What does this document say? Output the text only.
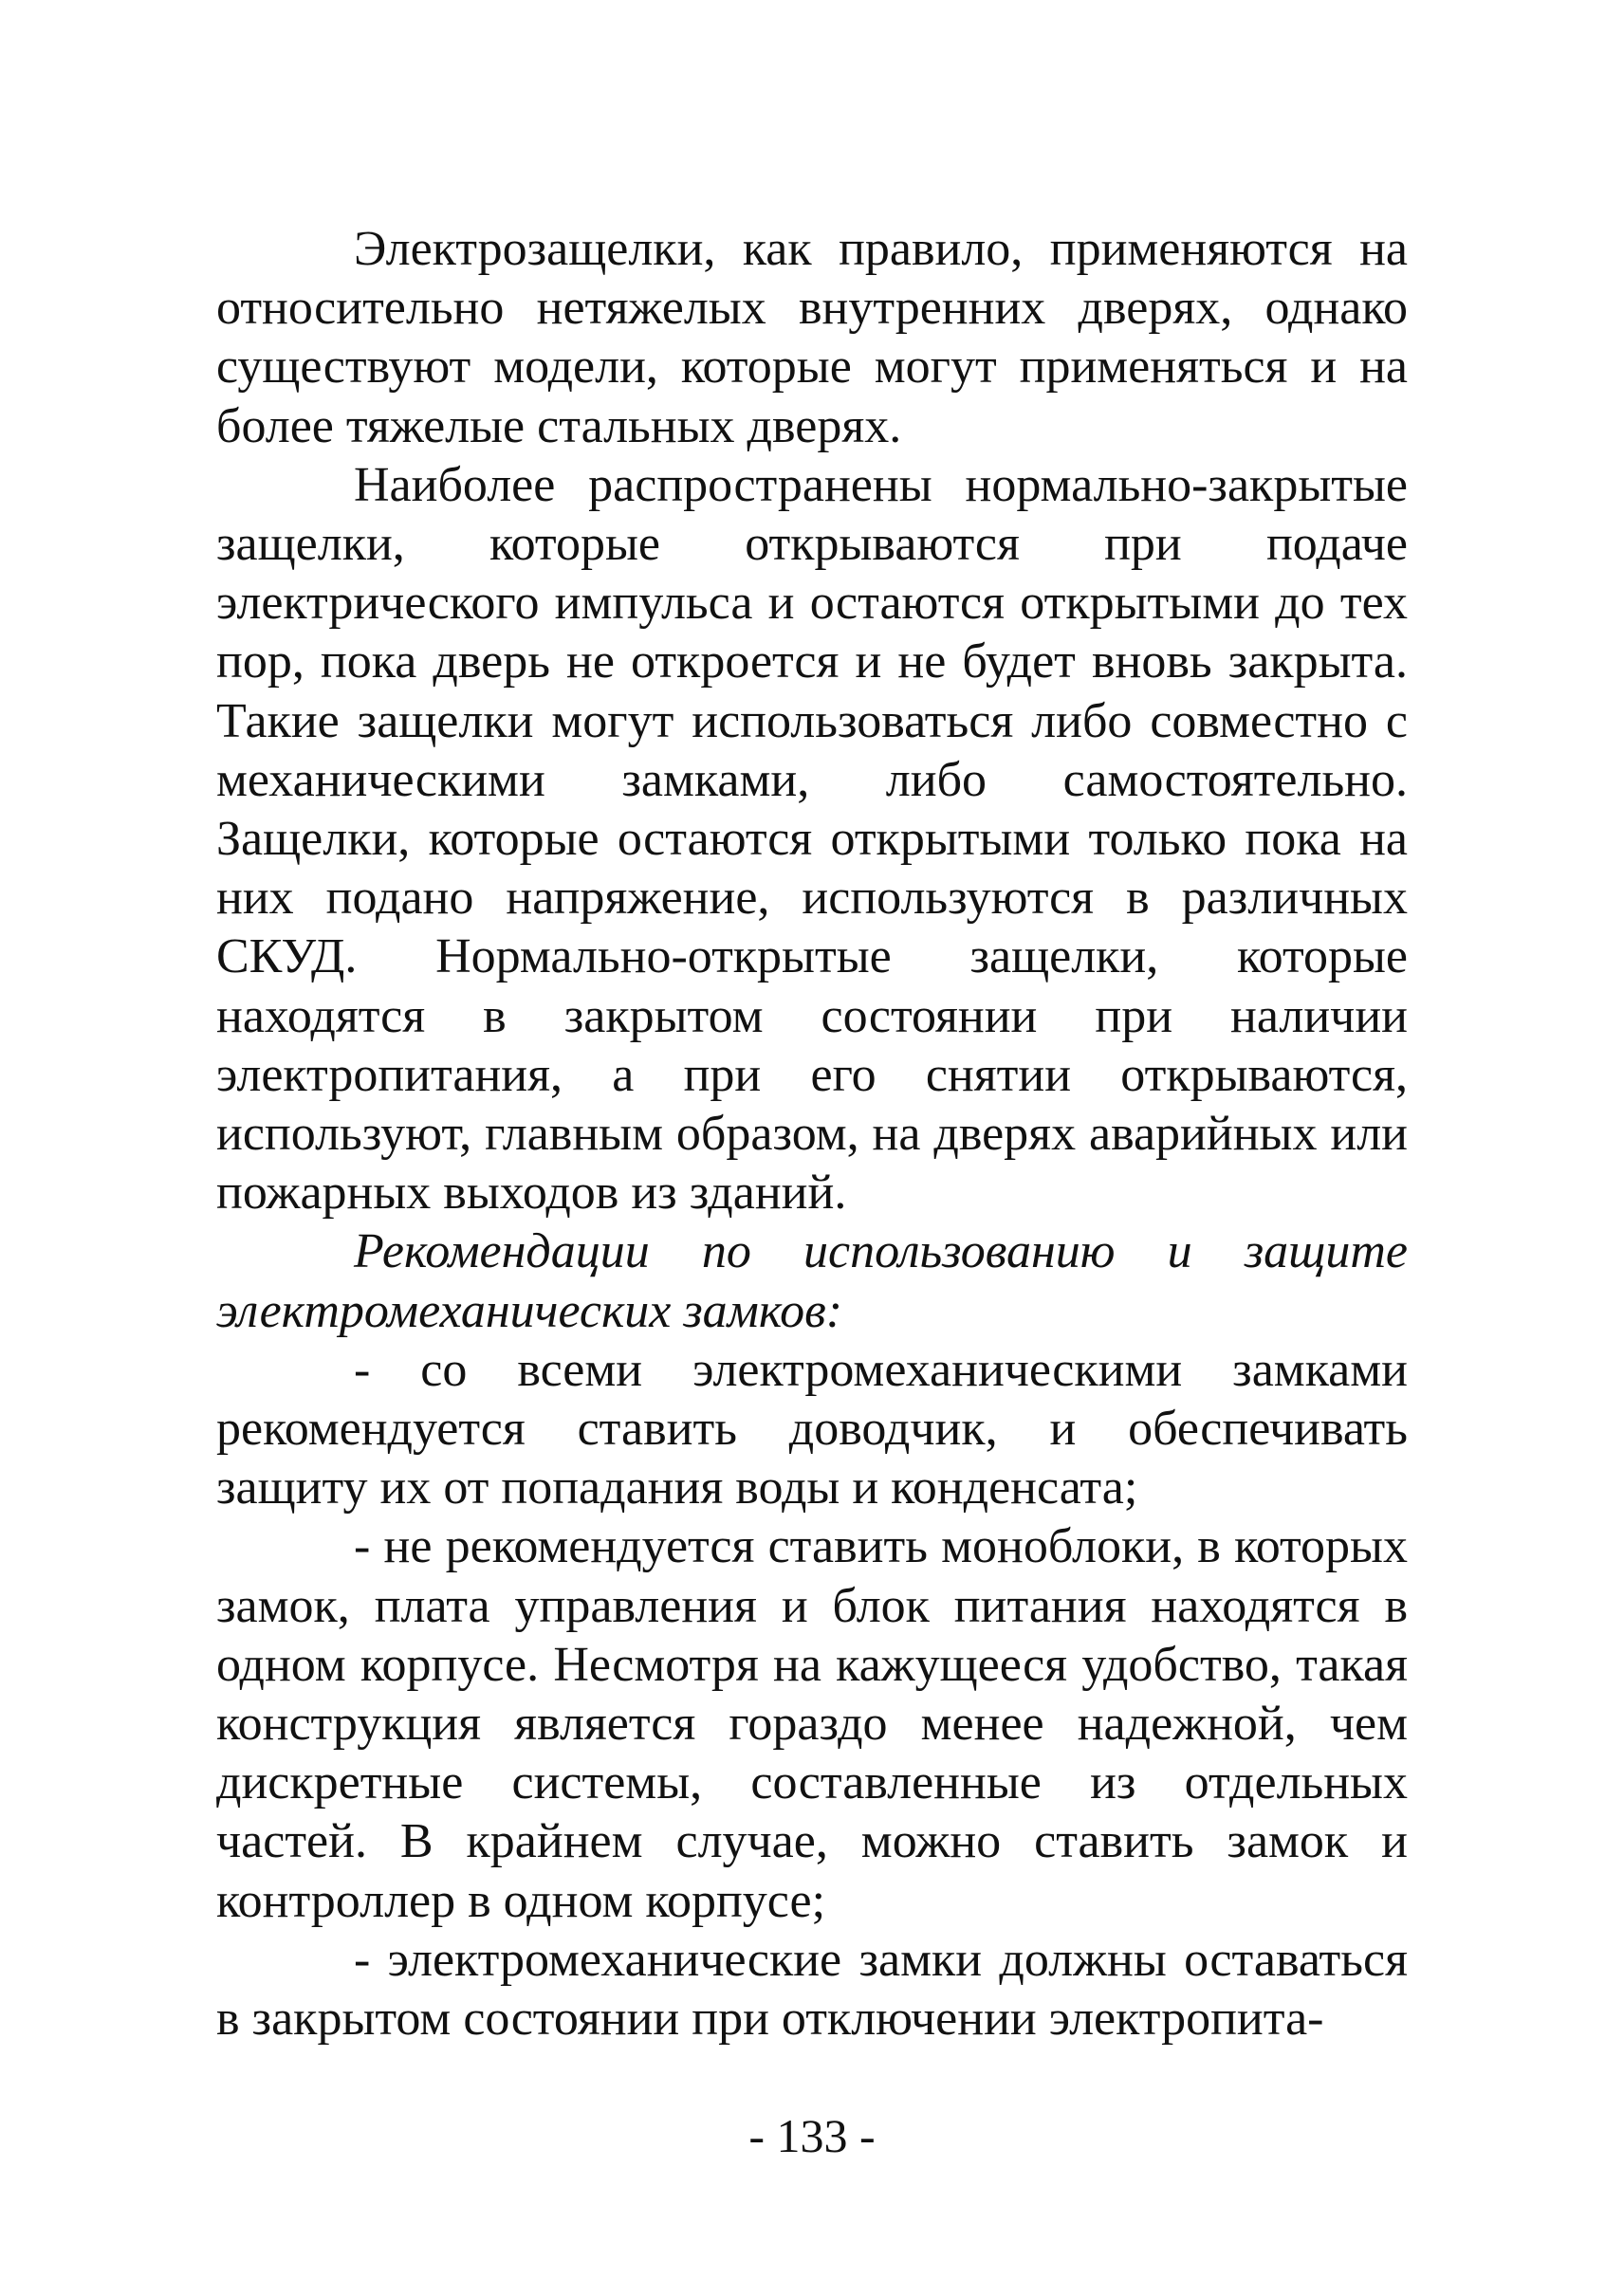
Электрозащелки, как правило, применяются на относительно нетяжелых внутренних дверях, однако существуют модели, которые могут применяться и на более тяжелые стальных дверях.

Наиболее распространены нормально-закрытые защелки, которые открываются при подаче электрического импульса и остаются открытыми до тех пор, пока дверь не откроется и не будет вновь закрыта. Такие защелки могут использоваться либо совместно с механическими замками, либо самостоятельно. Защелки, которые остаются открытыми только пока на них подано напряжение, используются в различных СКУД. Нормально-открытые защелки, которые находятся в закрытом состоянии при наличии электропитания, а при его снятии открываются, используют, главным образом, на дверях аварийных или пожарных выходов из зданий.

Рекомендации по использованию и защите электромеханических замков:

- со всеми электромеханическими замками рекомендуется ставить доводчик, и обеспечивать защиту их от попадания воды и конденсата;

- не рекомендуется ставить моноблоки, в которых замок, плата управления и блок питания находятся в одном корпусе. Несмотря на кажущееся удобство, такая конструкция является гораздо менее надежной, чем дискретные системы, составленные из отдельных частей. В крайнем случае, можно ставить замок и контроллер в одном корпусе;

- электромеханические замки должны оставаться в закрытом состоянии при отключении электропита-

- 133 -
